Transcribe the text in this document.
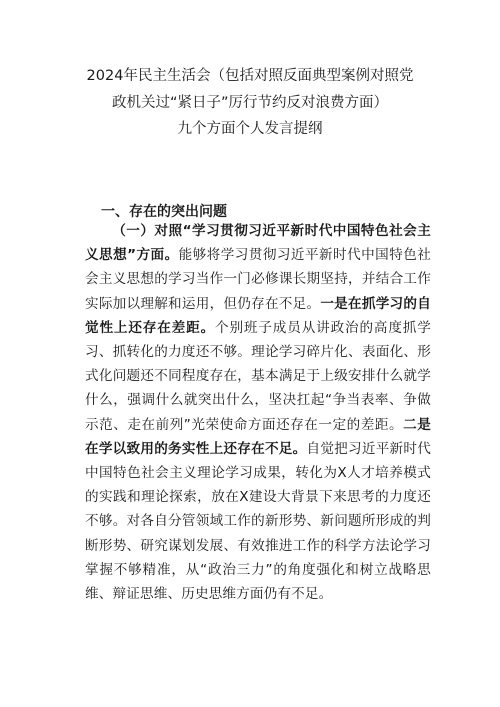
2024年民主生活会（包括对照反面典型案例对照党
政机关过“紧日子”厉行节约反对浪费方面）
九个方面个人发言提纲
一、存在的突出问题

（一）对照“学习贯彻习近平新时代中国特色社会主义思想”方面。能够将学习贯彻习近平新时代中国特色社会主义思想的学习当作一门必修课长期坚持，并结合工作实际加以理解和运用，但仍存在不足。一是在抓学习的自觉性上还存在差距。个别班子成员从讲政治的高度抓学习、抓转化的力度还不够。理论学习碎片化、表面化、形式化问题还不同程度存在，基本满足于上级安排什么就学什么，强调什么就突出什么，坚决扛起“争当表率、争做示范、走在前列”光荣使命方面还存在一定的差距。二是在学以致用的务实性上还存在不足。自觉把习近平新时代中国特色社会主义理论学习成果，转化为X人才培养模式的实践和理论探索，放在X建设大背景下来思考的力度还不够。对各自分管领域工作的新形势、新问题所形成的判断形势、研究谋划发展、有效推进工作的科学方法论学习掌握不够精准，从“政治三力”的角度强化和树立战略思维、辩证思维、历史思维方面仍有不足。
